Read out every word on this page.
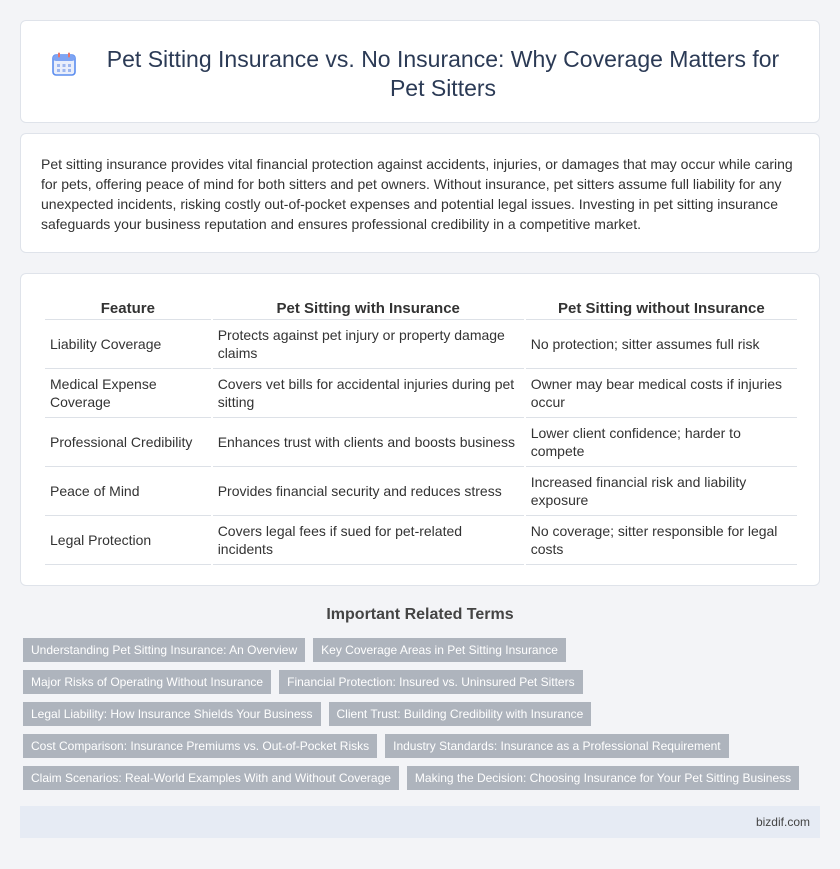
Pet Sitting Insurance vs. No Insurance: Why Coverage Matters for Pet Sitters

Pet sitting insurance provides vital financial protection against accidents, injuries, or damages that may occur while caring for pets, offering peace of mind for both sitters and pet owners. Without insurance, pet sitters assume full liability for any unexpected incidents, risking costly out-of-pocket expenses and potential legal issues. Investing in pet sitting insurance safeguards your business reputation and ensures professional credibility in a competitive market.

Feature	Pet Sitting with Insurance	Pet Sitting without Insurance
Liability Coverage	Protects against pet injury or property damage claims	No protection; sitter assumes full risk
Medical Expense Coverage	Covers vet bills for accidental injuries during pet sitting	Owner may bear medical costs if injuries occur
Professional Credibility	Enhances trust with clients and boosts business	Lower client confidence; harder to compete
Peace of Mind	Provides financial security and reduces stress	Increased financial risk and liability exposure
Legal Protection	Covers legal fees if sued for pet-related incidents	No coverage; sitter responsible for legal costs
Important Related Terms
Understanding Pet Sitting Insurance: An Overview	Key Coverage Areas in Pet Sitting Insurance
Major Risks of Operating Without Insurance	Financial Protection: Insured vs. Uninsured Pet Sitters
Legal Liability: How Insurance Shields Your Business	Client Trust: Building Credibility with Insurance
Cost Comparison: Insurance Premiums vs. Out-of-Pocket Risks	Industry Standards: Insurance as a Professional Requirement
Claim Scenarios: Real-World Examples With and Without Coverage	Making the Decision: Choosing Insurance for Your Pet Sitting Business
bizdif.com
